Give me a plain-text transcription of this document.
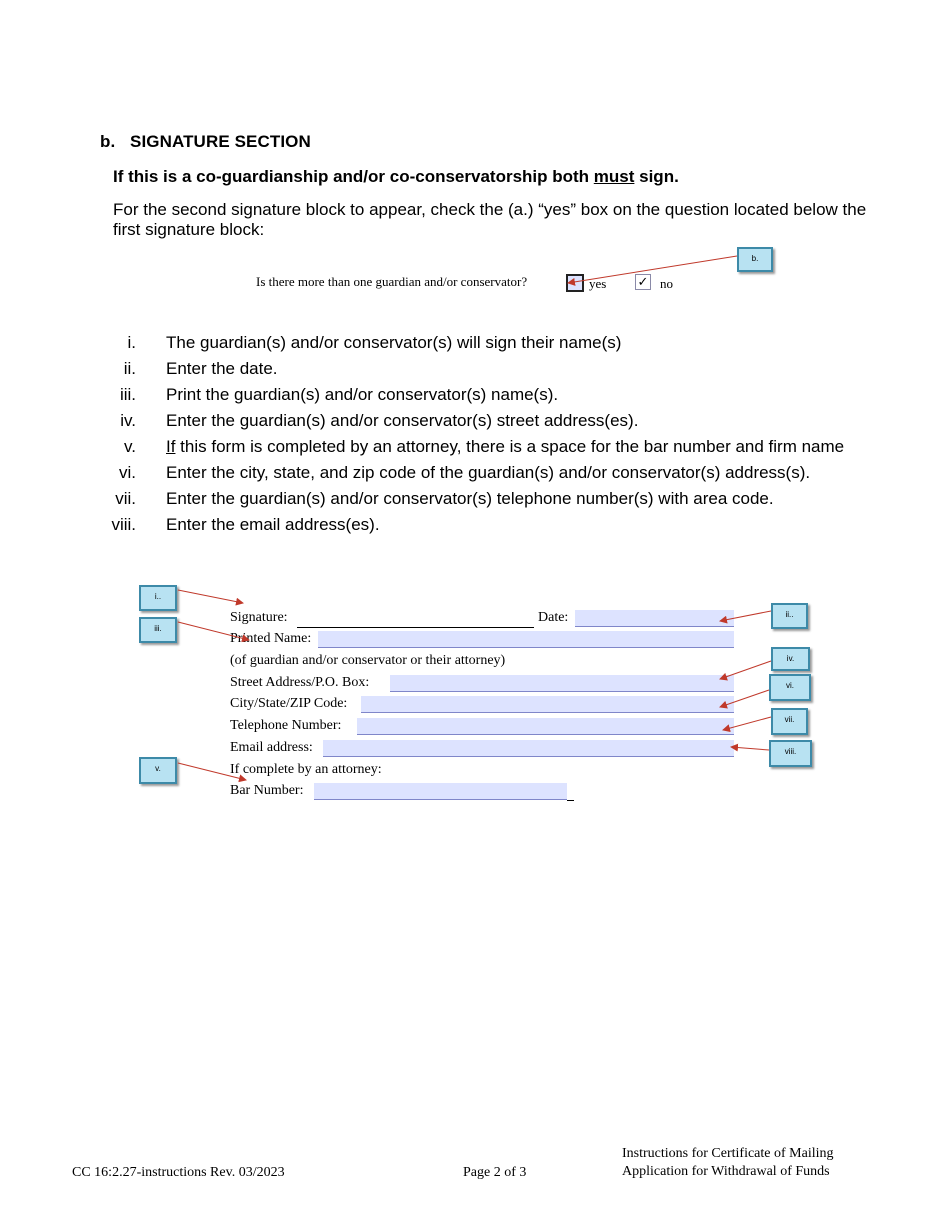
b. SIGNATURE SECTION
If this is a co-guardianship and/or co-conservatorship both must sign.
For the second signature block to appear, check the (a.) “yes” box on the question located below the first signature block:
Is there more than one guardian and/or conservator?	yes ✓ no
b.
i. The guardian(s) and/or conservator(s) will sign their name(s)
ii. Enter the date.
iii. Print the guardian(s) and/or conservator(s) name(s).
iv. Enter the guardian(s) and/or conservator(s) street address(es).
v. If this form is completed by an attorney, there is a space for the bar number and firm name
vi. Enter the city, state, and zip code of the guardian(s) and/or conservator(s) address(s).
vii. Enter the guardian(s) and/or conservator(s) telephone number(s) with area code.
viii. Enter the email address(es).
Signature:	Date:
Printed Name:
(of guardian and/or conservator or their attorney)
Street Address/P.O. Box:
City/State/ZIP Code:
Telephone Number:
Email address:
If complete by an attorney:
Bar Number:
i..
iii.
v.
ii..
iv.
vi.
vii.
viii.
CC 16:2.27-instructions Rev. 03/2023	Page 2 of 3
Instructions for Certificate of Mailing
Application for Withdrawal of Funds
